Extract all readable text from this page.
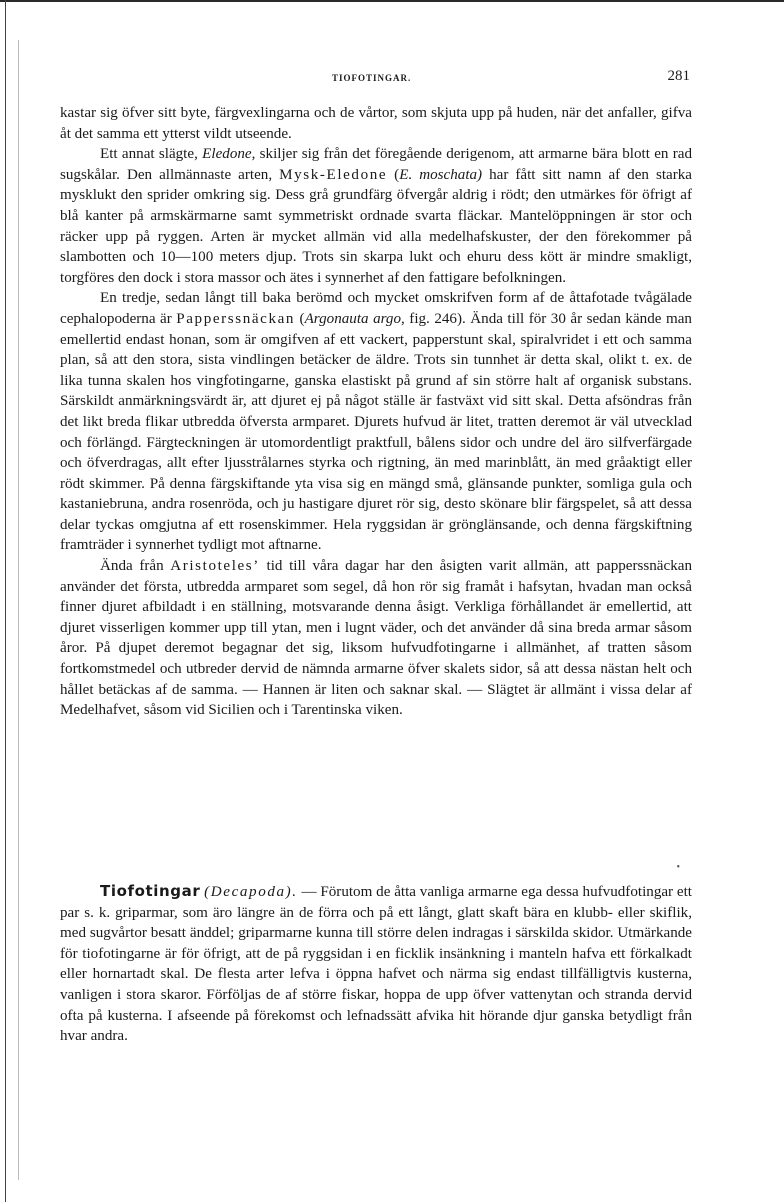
TIOFOTINGAR.	281

kastar sig öfver sitt byte, färgvexlingarna och de vårtor, som skjuta upp på huden, när det anfaller, gifva åt det samma ett ytterst vildt utseende.

Ett annat slägte, Eledone, skiljer sig från det föregående derigenom, att armarne bära blott en rad sugskålar. Den allmännaste arten, Mysk-Eledone (E. moschata) har fått sitt namn af den starka mysklukt den sprider omkring sig. Dess grå grundfärg öfvergår aldrig i rödt; den utmärkes för öfrigt af blå kanter på armskärmarne samt symmetriskt ordnade svarta fläckar. Mantelöppningen är stor och räcker upp på ryggen. Arten är mycket allmän vid alla medelhafskuster, der den förekommer på slambotten och 10—100 meters djup. Trots sin skarpa lukt och ehuru dess kött är mindre smakligt, torgföres den dock i stora massor och ätes i synnerhet af den fattigare befolkningen.

En tredje, sedan långt till baka berömd och mycket omskrifven form af de åttafotade tvågälade cephalopoderna är Papperssnäckan (Argonauta argo, fig. 246). Ända till för 30 år sedan kände man emellertid endast honan, som är omgifven af ett vackert, papperstunt skal, spiralvridet i ett och samma plan, så att den stora, sista vindlingen betäcker de äldre. Trots sin tunnhet är detta skal, olikt t. ex. de lika tunna skalen hos vingfotingarne, ganska elastiskt på grund af sin större halt af organisk substans. Särskildt anmärkningsvärdt är, att djuret ej på något ställe är fastväxt vid sitt skal. Detta afsöndras från det likt breda flikar utbredda öfversta armparet. Djurets hufvud är litet, tratten deremot är väl utvecklad och förlängd. Färgteckningen är utomordentligt praktfull, bålens sidor och undre del äro silfverfärgade och öfverdragas, allt efter ljusstrålarnes styrka och rigtning, än med marinblått, än med gråaktigt eller rödt skimmer. På denna färgskiftande yta visa sig en mängd små, glänsande punkter, somliga gula och kastaniebruna, andra rosenröda, och ju hastigare djuret rör sig, desto skönare blir färgspelet, så att dessa delar tyckas omgjutna af ett rosenskimmer. Hela ryggsidan är grönglänsande, och denna färgskiftning framträder i synnerhet tydligt mot aftnarne.

Ända från Aristoteles’ tid till våra dagar har den åsigten varit allmän, att papperssnäckan använder det första, utbredda armparet som segel, då hon rör sig framåt i hafsytan, hvadan man också finner djuret afbildadt i en ställning, motsvarande denna åsigt. Verkliga förhållandet är emellertid, att djuret visserligen kommer upp till ytan, men i lugnt väder, och det använder då sina breda armar såsom åror. På djupet deremot begagnar det sig, liksom hufvudfotingarne i allmänhet, af tratten såsom fortkomstmedel och utbreder dervid de nämnda armarne öfver skalets sidor, så att dessa nästan helt och hållet betäckas af de samma. — Hannen är liten och saknar skal. — Slägtet är allmänt i vissa delar af Medelhafvet, såsom vid Sicilien och i Tarentinska viken.

•

Tiofotingar (Decapoda). — Förutom de åtta vanliga armarne ega dessa hufvudfotingar ett par s. k. griparmar, som äro längre än de förra och på ett långt, glatt skaft bära en klubb- eller skiflik, med sugvårtor besatt änddel; griparmarne kunna till större delen indragas i särskilda skidor. Utmärkande för tiofotingarne är för öfrigt, att de på ryggsidan i en ficklik insänkning i manteln hafva ett förkalkadt eller hornartadt skal. De flesta arter lefva i öppna hafvet och närma sig endast tillfälligtvis kusterna, vanligen i stora skaror. Förföljas de af större fiskar, hoppa de upp öfver vattenytan och stranda dervid ofta på kusterna. I afseende på förekomst och lefnadssätt afvika hit hörande djur ganska betydligt från hvar andra.
